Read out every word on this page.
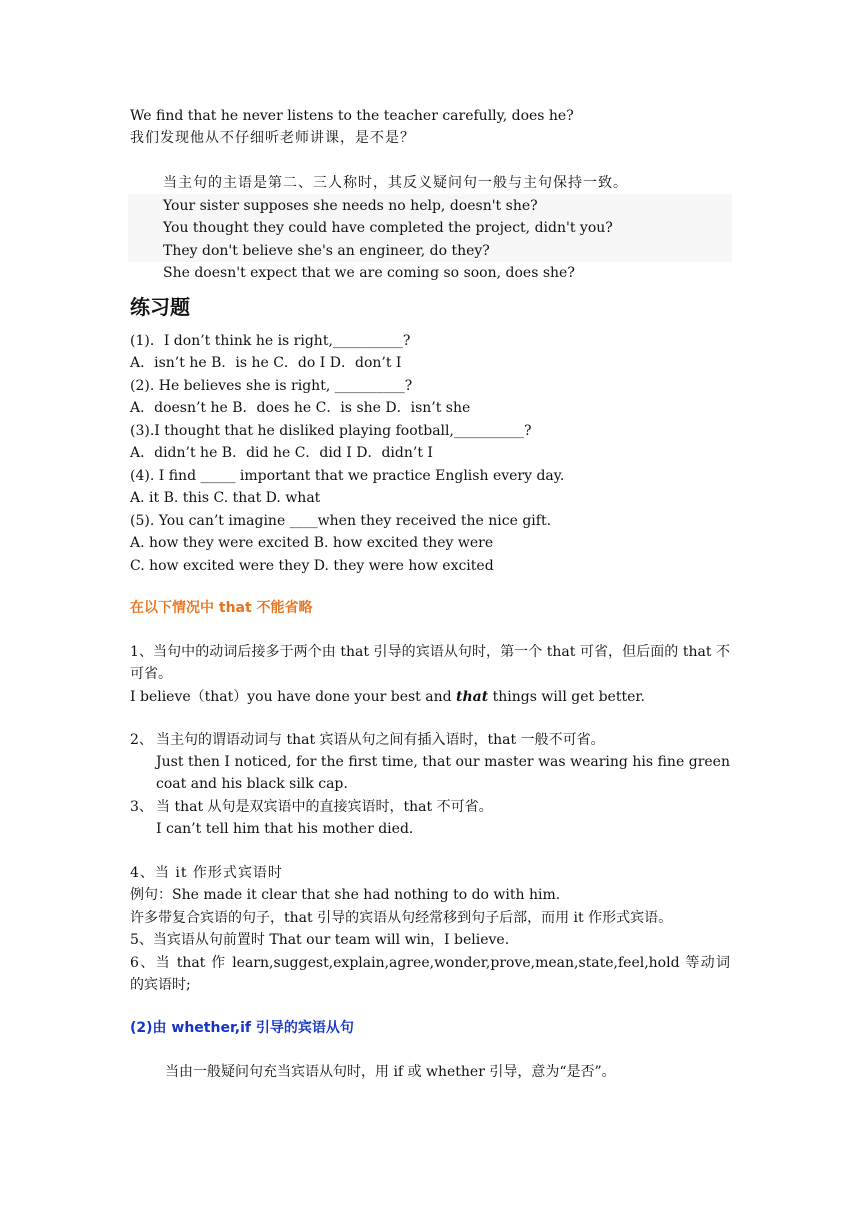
We find that he never listens to the teacher carefully, does he?
我们发现他从不仔细听老师讲课，是不是？
当主句的主语是第二、三人称时，其反义疑问句一般与主句保持一致。
Your sister supposes she needs no help, doesn't she?
You thought they could have completed the project, didn't you?
They don't believe she's an engineer, do they?
She doesn't expect that we are coming so soon, does she?
练习题
(1)．I don’t think he is right,__________?
A．isn’t he B．is he C．do I D．don’t I
(2). He believes she is right, __________?
A．doesn’t he B．does he C．is she D．isn’t she
(3).I thought that he disliked playing football,__________?
A．didn’t he B．did he C．did I D．didn’t I
(4). I find _____ important that we practice English every day.
A. it B. this C. that D. what
(5). You can’t imagine ____when they received the nice gift.
A. how they were excited B. how excited they were
C. how excited were they D. they were how excited
在以下情况中 that 不能省略
1、当句中的动词后接多于两个由 that 引导的宾语从句时，第一个 that 可省，但后面的 that 不可省。
I believe（that）you have done your best and that things will get better.
2、 当主句的谓语动词与 that 宾语从句之间有插入语时，that 一般不可省。
Just then I noticed, for the first time, that our master was wearing his fine green coat and his black silk cap.
3、 当 that 从句是双宾语中的直接宾语时，that 不可省。
I can’t tell him that his mother died.
4、当 it 作形式宾语时
例句：She made it clear that she had nothing to do with him.
许多带复合宾语的句子，that 引导的宾语从句经常移到句子后部，而用 it 作形式宾语。
5、当宾语从句前置时 That our team will win，I believe.
6、当 that 作 learn,suggest,explain,agree,wonder,prove,mean,state,feel,hold 等动词的宾语时;
(2)由 whether,if 引导的宾语从句
当由一般疑问句充当宾语从句时，用 if 或 whether 引导，意为“是否”。
